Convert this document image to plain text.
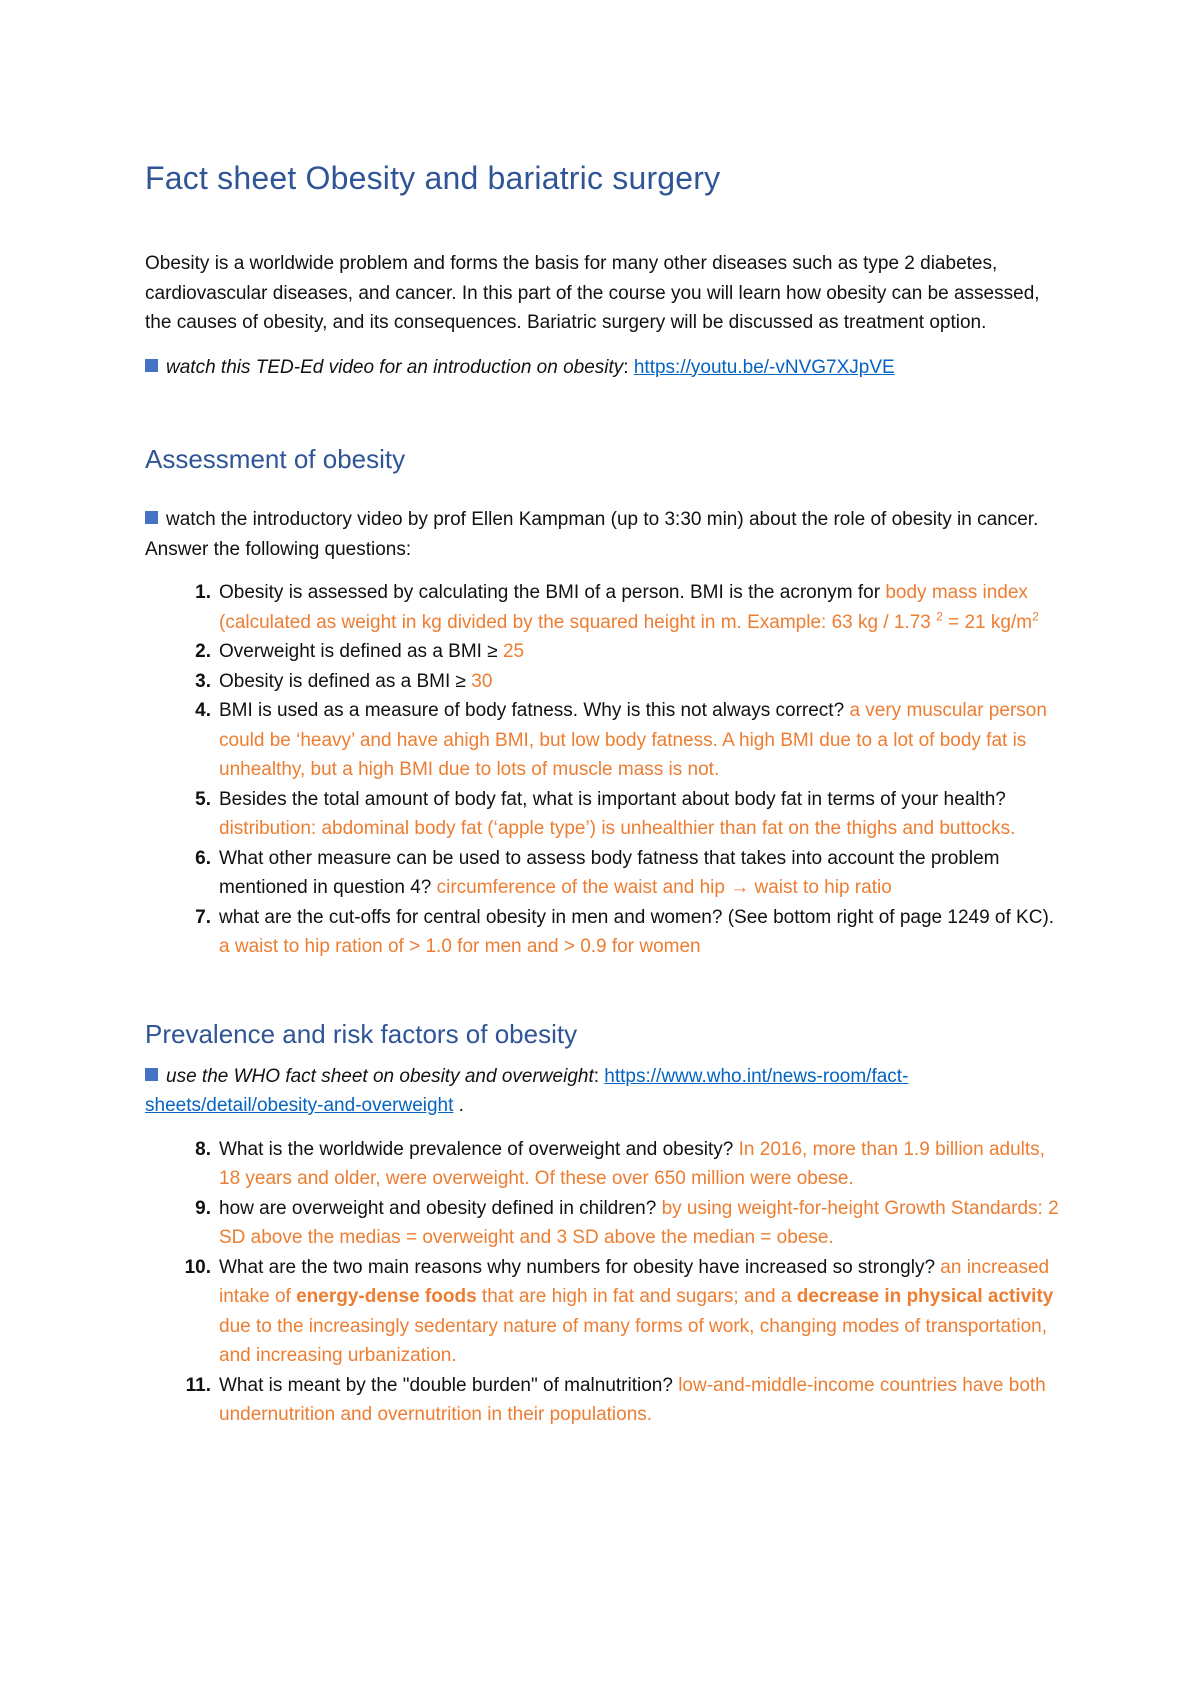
Fact sheet Obesity and bariatric surgery

Obesity is a worldwide problem and forms the basis for many other diseases such as type 2 diabetes, cardiovascular diseases, and cancer. In this part of the course you will learn how obesity can be assessed, the causes of obesity, and its consequences. Bariatric surgery will be discussed as treatment option.

watch this TED-Ed video for an introduction on obesity: https://youtu.be/-vNVG7XJpVE

Assessment of obesity

watch the introductory video by prof Ellen Kampman (up to 3:30 min) about the role of obesity in cancer. Answer the following questions:

1. Obesity is assessed by calculating the BMI of a person. BMI is the acronym for body mass index (calculated as weight in kg divided by the squared height in m. Example: 63 kg / 1.73 $^2$ = 21 $kg/m^2$
2. Overweight is defined as a BMI ≥ 25
3. Obesity is defined as a BMI ≥ 30
4. BMI is used as a measure of body fatness. Why is this not always correct? a very muscular person could be ‘heavy’ and have ahigh BMI, but low body fatness. A high BMI due to a lot of body fat is unhealthy, but a high BMI due to lots of muscle mass is not.
5. Besides the total amount of body fat, what is important about body fat in terms of your health? distribution: abdominal body fat (‘apple type’) is unhealthier than fat on the thighs and buttocks.
6. What other measure can be used to assess body fatness that takes into account the problem mentioned in question 4? circumference of the waist and hip → waist to hip ratio
7. what are the cut-offs for central obesity in men and women? (See bottom right of page 1249 of KC). a waist to hip ration of > 1.0 for men and > 0.9 for women
Prevalence and risk factors of obesity

use the WHO fact sheet on obesity and overweight: https://www.who.int/news-room/fact-sheets/detail/obesity-and-overweight .

8. What is the worldwide prevalence of overweight and obesity? In 2016, more than 1.9 billion adults, 18 years and older, were overweight. Of these over 650 million were obese.
9. how are overweight and obesity defined in children? by using weight-for-height Growth Standards: 2 SD above the medias = overweight and 3 SD above the median = obese.
10. What are the two main reasons why numbers for obesity have increased so strongly? an increased intake of energy-dense foods that are high in fat and sugars; and a decrease in physical activity due to the increasingly sedentary nature of many forms of work, changing modes of transportation, and increasing urbanization.
11. What is meant by the "double burden" of malnutrition? low-and-middle-income countries have both undernutrition and overnutrition in their populations.
